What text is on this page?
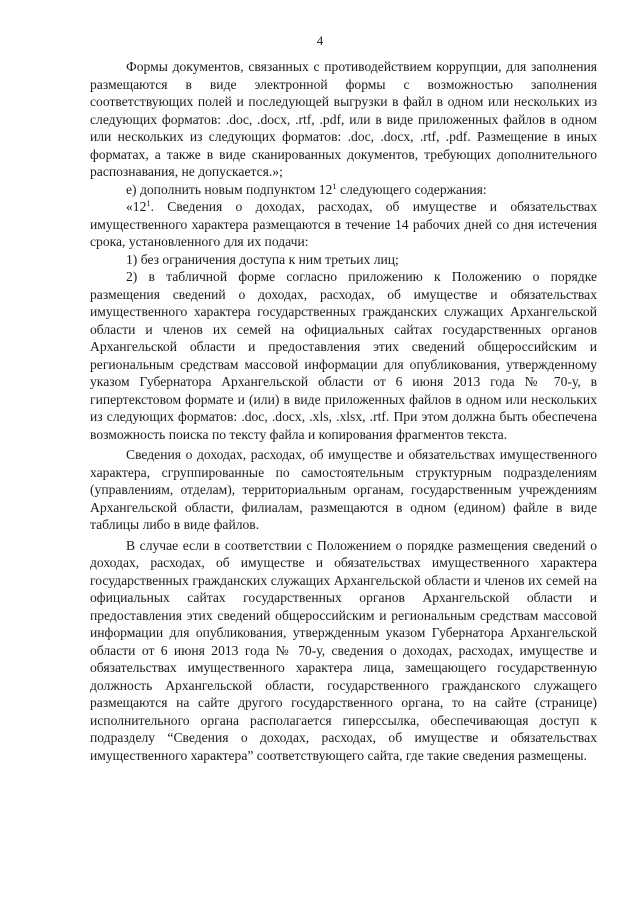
4

Формы документов, связанных с противодействием коррупции, для заполнения размещаются в виде электронной формы с возможностью заполнения соответствующих полей и последующей выгрузки в файл в одном или нескольких из следующих форматов: .doc, .docx, .rtf, .pdf, или в виде приложенных файлов в одном или нескольких из следующих форматов: .doc, .docx, .rtf, .pdf. Размещение в иных форматах, а также в виде сканированных документов, требующих дополнительного распознавания, не допускается.»;

е) дополнить новым подпунктом $12^1$ следующего содержания:

«$12^1$. Сведения о доходах, расходах, об имуществе и обязательствах имущественного характера размещаются в течение 14 рабочих дней со дня истечения срока, установленного для их подачи:

1) без ограничения доступа к ним третьих лиц;

2) в табличной форме согласно приложению к Положению о порядке размещения сведений о доходах, расходах, об имуществе и обязательствах имущественного характера государственных гражданских служащих Архангельской области и членов их семей на официальных сайтах государственных органов Архангельской области и предоставления этих сведений общероссийским и региональным средствам массовой информации для опубликования, утвержденному указом Губернатора Архангельской области от 6 июня 2013 года № 70-у, в гипертекстовом формате и (или) в виде приложенных файлов в одном или нескольких из следующих форматов: .doc, .docx, .xls, .xlsx, .rtf. При этом должна быть обеспечена возможность поиска по тексту файла и копирования фрагментов текста.

Сведения о доходах, расходах, об имуществе и обязательствах имущественного характера, сгруппированные по самостоятельным структурным подразделениям (управлениям, отделам), территориальным органам, государственным учреждениям Архангельской области, филиалам, размещаются в одном (едином) файле в виде таблицы либо в виде файлов.

В случае если в соответствии с Положением о порядке размещения сведений о доходах, расходах, об имуществе и обязательствах имущественного характера государственных гражданских служащих Архангельской области и членов их семей на официальных сайтах государственных органов Архангельской области и предоставления этих сведений общероссийским и региональным средствам массовой информации для опубликования, утвержденным указом Губернатора Архангельской области от 6 июня 2013 года № 70-у, сведения о доходах, расходах, имуществе и обязательствах имущественного характера лица, замещающего государственную должность Архангельской области, государственного гражданского служащего размещаются на сайте другого государственного органа, то на сайте (странице) исполнительного органа располагается гиперссылка, обеспечивающая доступ к подразделу “Сведения о доходах, расходах, об имуществе и обязательствах имущественного характера” соответствующего сайта, где такие сведения размещены.
